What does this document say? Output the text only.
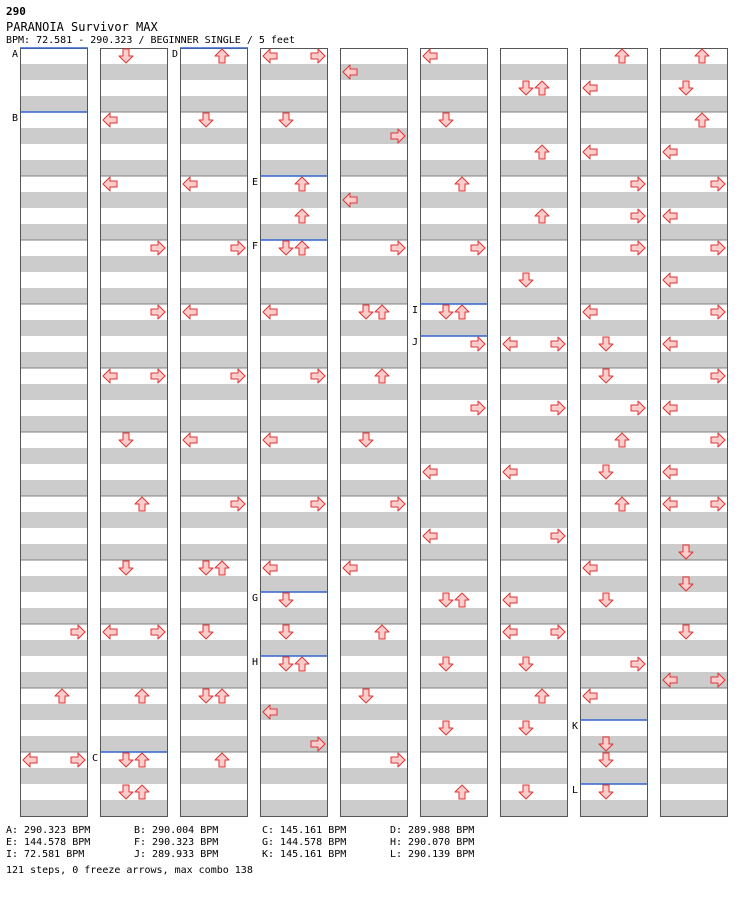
290
PARANOIA Survivor MAX
BPM: 72.581 - 290.323 / BEGINNER SINGLE / 5 feet
A
B
C
D
E
F
G
H
I
J
K
L
A: 290.323 BPM	B: 290.004 BPM	C: 145.161 BPM	D: 289.988 BPM
E: 144.578 BPM	F: 290.323 BPM	G: 144.578 BPM	H: 290.070 BPM
I: 72.581 BPM	J: 289.933 BPM	K: 145.161 BPM	L: 290.139 BPM
121 steps, 0 freeze arrows, max combo 138
